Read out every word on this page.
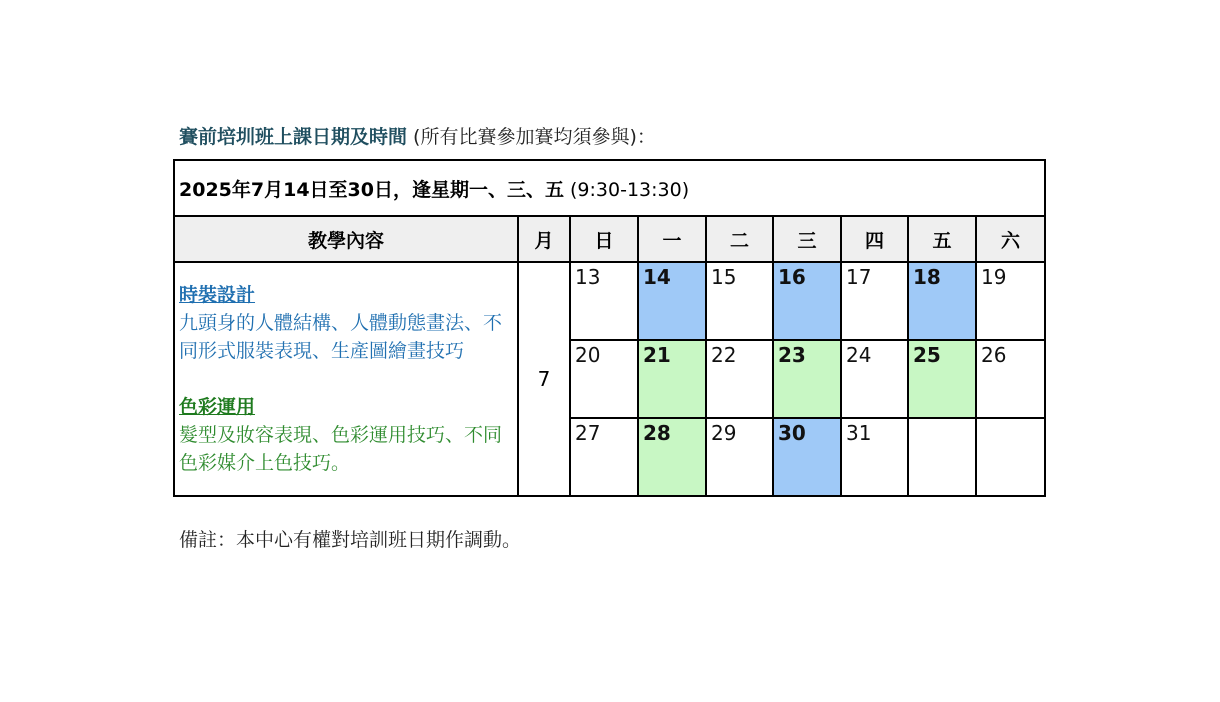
賽前培圳班上課日期及時間 (所有比賽參加賽均須參與)：
2025年7月14日至30日，逢星期一、三、五 (9:30-13:30)								
教學內容	月	日	一	二	三	四	五	六

時裝設計
九頭身的人體結構、人體動態畫法、不同形式服裝表現、生產圖繪畫技巧
色彩運用
髮型及妝容表現、色彩運用技巧、不同色彩媒介上色技巧。	7	13	14	15	16	17	18	19
		20	21	22	23	24	25	26
		27	28	29	30	31		
備註：本中心有權對培訓班日期作調動。
